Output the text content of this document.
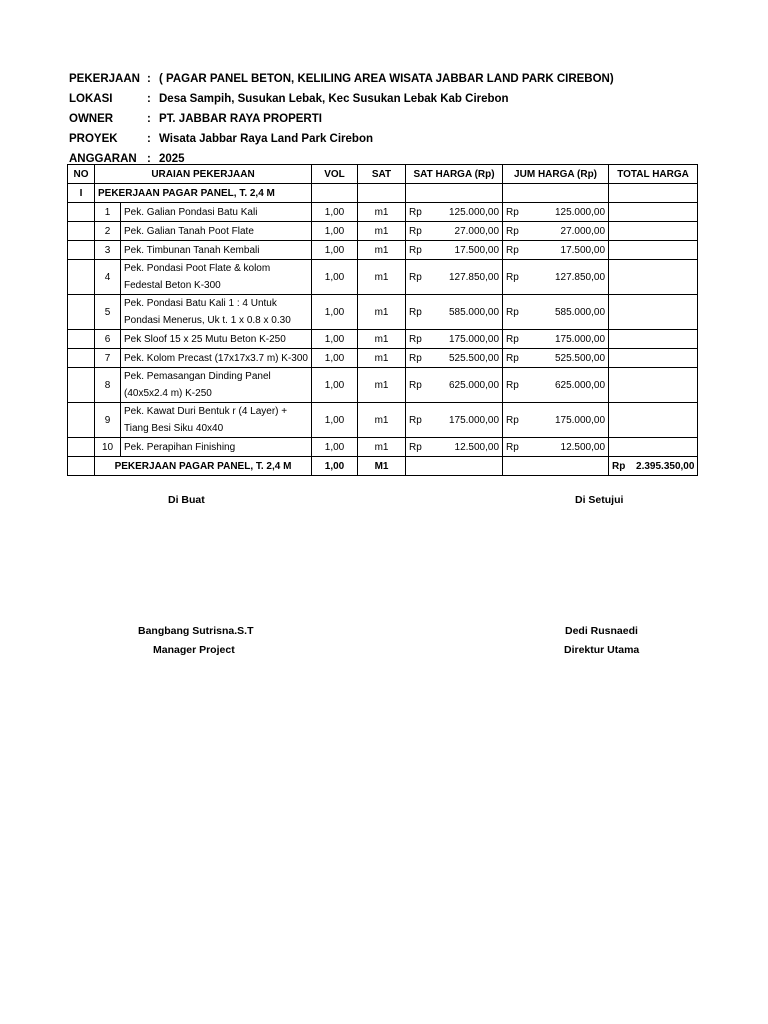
PEKERJAAN : ( PAGAR PANEL BETON, KELILING AREA WISATA JABBAR LAND PARK CIREBON)
LOKASI	: Desa Sampih, Susukan Lebak, Kec Susukan Lebak Kab Cirebon
OWNER	: PT. JABBAR RAYA PROPERTI
PROYEK	: Wisata Jabbar Raya Land Park Cirebon
ANGGARAN : 2025
NO	URAIAN PEKERJAAN		VOL	SAT	SAT HARGA (Rp)		JUM HARGA (Rp)		TOTAL HARGA
I	PEKERJAAN PAGAR PANEL, T. 2,4 M								
	1	Pek. Galian Pondasi Batu Kali	1,00	m1	Rp	125.000,00	Rp	125.000,00	
	2	Pek. Galian Tanah Poot Flate	1,00	m1	Rp	27.000,00	Rp	27.000,00	
	3	Pek. Timbunan Tanah Kembali	1,00	m1	Rp	17.500,00	Rp	17.500,00	
	4	Pek. Pondasi Poot Flate & kolom Fedestal Beton K-300	1,00	m1	Rp	127.850,00	Rp	127.850,00	
	5	Pek. Pondasi Batu Kali 1 : 4 Untuk Pondasi Menerus, Uk t. 1 x 0.8 x 0.30	1,00	m1	Rp	585.000,00	Rp	585.000,00	
	6	Pek Sloof 15 x 25 Mutu Beton K-250	1,00	m1	Rp	175.000,00	Rp	175.000,00	
	7	Pek. Kolom Precast (17x17x3.7 m) K-300	1,00	m1	Rp	525.500,00	Rp	525.500,00	
	8	Pek. Pemasangan Dinding Panel (40x5x2.4 m) K-250	1,00	m1	Rp	625.000,00	Rp	625.000,00	
	9	Pek. Kawat Duri Bentuk r (4 Layer) + Tiang Besi Siku 40x40	1,00	m1	Rp	175.000,00	Rp	175.000,00	
	10	Pek. Perapihan Finishing	1,00	m1	Rp	12.500,00	Rp	12.500,00	
	PEKERJAAN PAGAR PANEL, T. 2,4 M		1,00	M1					Rp 2.395.350,00
Di Buat	Di Setujui
Bangbang Sutrisna.S.T
Manager Project
Dedi Rusnaedi
Direktur Utama
